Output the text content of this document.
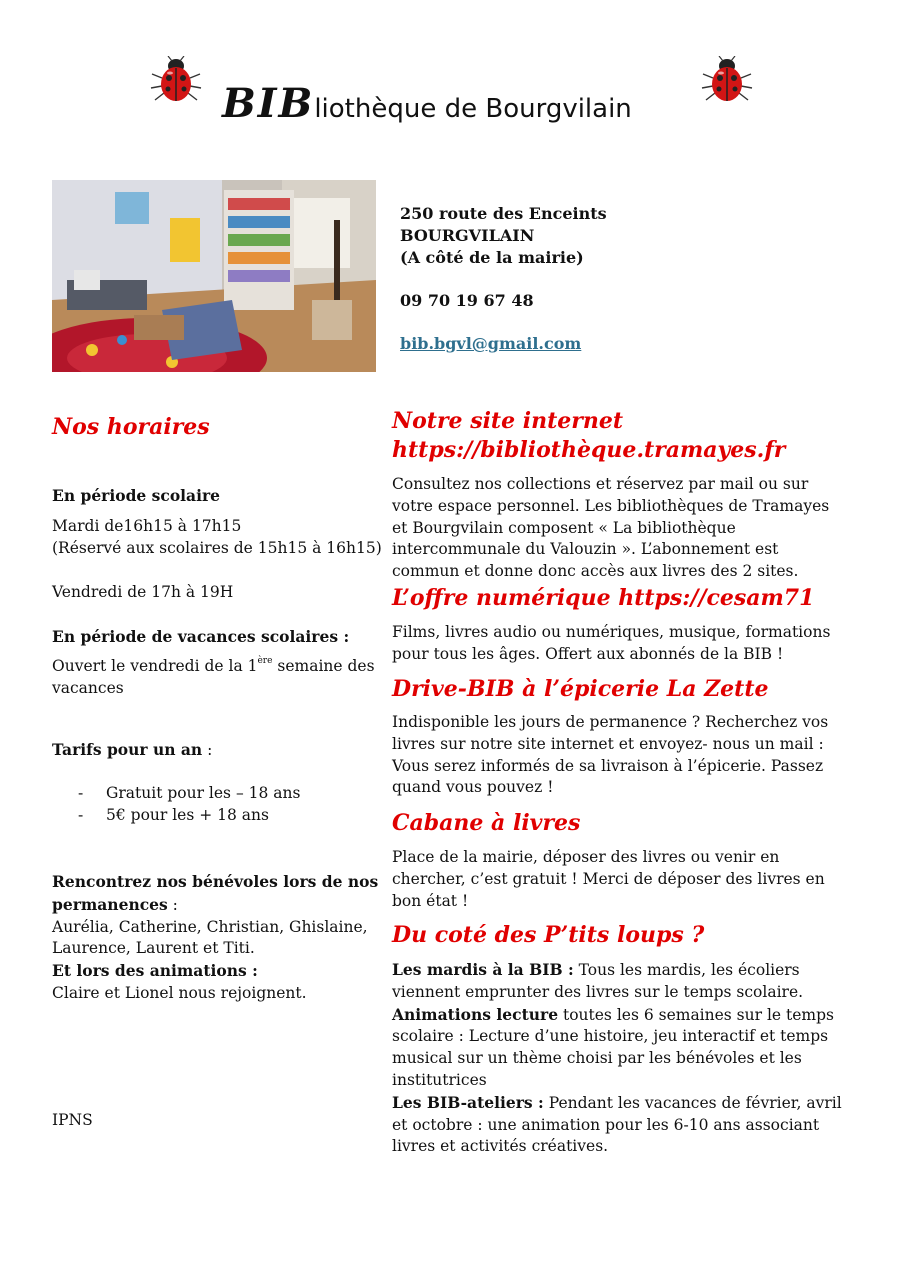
BIB liothèque de Bourgvilain
250 route des Enceints
BOURGVILAIN
(A côté de la mairie)
09 70 19 67 48
bib.bgvl@gmail.com
Nos horaires
En période scolaire
Mardi de16h15 à 17h15
(Réservé aux scolaires de 15h15 à 16h15)
Vendredi de 17h à 19H
En période de vacances scolaires :
Ouvert le vendredi de la 1ère semaine des
vacances
Tarifs pour un an :
-	Gratuit pour les – 18 ans
-	5€ pour les + 18 ans
Rencontrez nos bénévoles lors de nos
permanences :
Aurélia, Catherine, Christian, Ghislaine,
Laurence, Laurent et Titi.
Et lors des animations :
Claire et Lionel nous rejoignent.
IPNS
Notre site internet
https://bibliothèque.tramayes.fr
Consultez nos collections et réservez par mail ou sur
votre espace personnel. Les bibliothèques de Tramayes
et Bourgvilain composent « La bibliothèque
intercommunale du Valouzin ». L’abonnement est
commun et donne donc accès aux livres des 2 sites.
L’offre numérique https://cesam71
Films, livres audio ou numériques, musique, formations
pour tous les âges. Offert aux abonnés de la BIB !
Drive-BIB à l’épicerie La Zette
Indisponible les jours de permanence ? Recherchez vos
livres sur notre site internet et envoyez- nous un mail :
Vous serez informés de sa livraison à l’épicerie. Passez
quand vous pouvez !
Cabane à livres
Place de la mairie, déposer des livres ou venir en
chercher, c’est gratuit ! Merci de déposer des livres en
bon état !
Du coté des P’tits loups ?
Les mardis à la BIB : Tous les mardis, les écoliers
viennent emprunter des livres sur le temps scolaire.
Animations lecture toutes les 6 semaines sur le temps
scolaire : Lecture d’une histoire, jeu interactif et temps
musical sur un thème choisi par les bénévoles et les
institutrices
Les BIB-ateliers : Pendant les vacances de février, avril
et octobre : une animation pour les 6-10 ans associant
livres et activités créatives.
